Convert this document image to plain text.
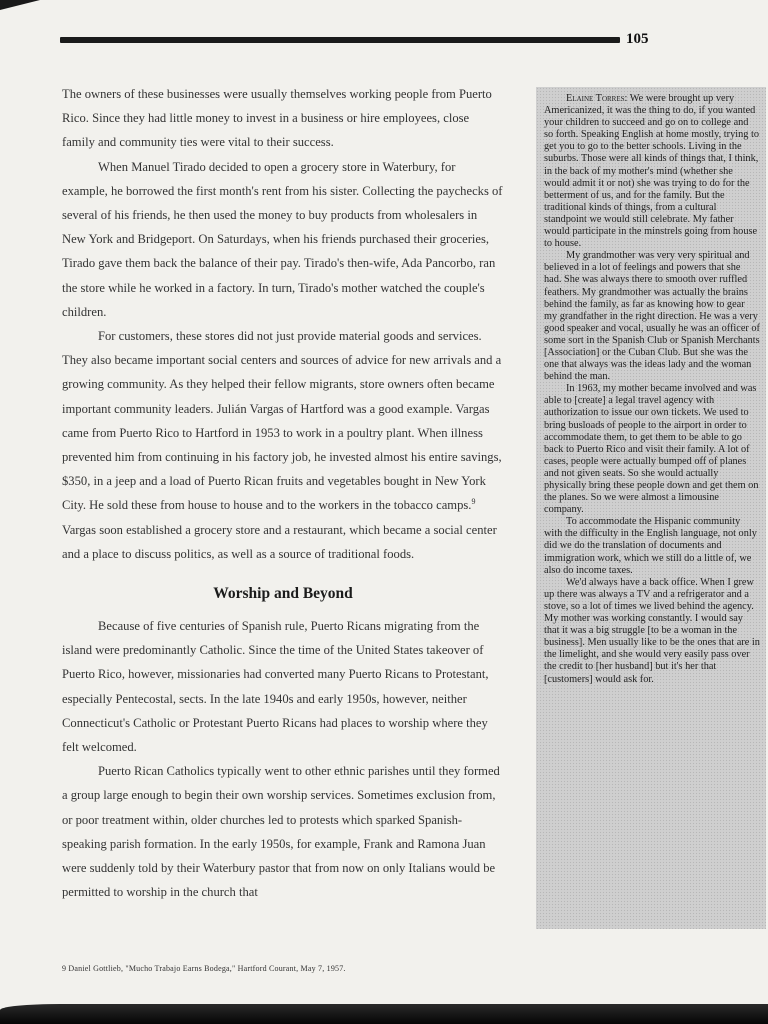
105

The owners of these businesses were usually themselves working people from Puerto Rico. Since they had little money to invest in a business or hire employees, close family and community ties were vital to their success.

When Manuel Tirado decided to open a grocery store in Waterbury, for example, he borrowed the first month's rent from his sister. Collecting the paychecks of several of his friends, he then used the money to buy products from wholesalers in New York and Bridgeport. On Saturdays, when his friends purchased their groceries, Tirado gave them back the balance of their pay. Tirado's then-wife, Ada Pancorbo, ran the store while he worked in a factory. In turn, Tirado's mother watched the couple's children.

For customers, these stores did not just provide material goods and services. They also became important social centers and sources of advice for new arrivals and a growing community. As they helped their fellow migrants, store owners often became important community leaders. Julián Vargas of Hartford was a good example. Vargas came from Puerto Rico to Hartford in 1953 to work in a poultry plant. When illness prevented him from continuing in his factory job, he invested almost his entire savings, $350, in a jeep and a load of Puerto Rican fruits and vegetables bought in New York City. He sold these from house to house and to the workers in the tobacco camps.$^9$ Vargas soon established a grocery store and a restaurant, which became a social center and a place to discuss politics, as well as a source of traditional foods.

Worship and Beyond

Because of five centuries of Spanish rule, Puerto Ricans migrating from the island were predominantly Catholic. Since the time of the United States takeover of Puerto Rico, however, missionaries had converted many Puerto Ricans to Protestant, especially Pentecostal, sects. In the late 1940s and early 1950s, however, neither Connecticut's Catholic or Protestant Puerto Ricans had places to worship where they felt welcomed.

Puerto Rican Catholics typically went to other ethnic parishes until they formed a group large enough to begin their own worship services. Sometimes exclusion from, or poor treatment within, older churches led to protests which sparked Spanish-speaking parish formation. In the early 1950s, for example, Frank and Ramona Juan were suddenly told by their Waterbury pastor that from now on only Italians would be permitted to worship in the church that

Elaine Torres: We were brought up very Americanized, it was the thing to do, if you wanted your children to succeed and go on to college and so forth. Speaking English at home mostly, trying to get you to go to the better schools. Living in the suburbs. Those were all kinds of things that, I think, in the back of my mother's mind (whether she would admit it or not) she was trying to do for the betterment of us, and for the family. But the traditional kinds of things, from a cultural standpoint we would still celebrate. My father would participate in the minstrels going from house to house.

My grandmother was very very spiritual and believed in a lot of feelings and powers that she had. She was always there to smooth over ruffled feathers. My grandmother was actually the brains behind the family, as far as knowing how to gear my grandfather in the right direction. He was a very good speaker and vocal, usually he was an officer of some sort in the Spanish Club or Spanish Merchants [Association] or the Cuban Club. But she was the one that always was the ideas lady and the woman behind the man.

In 1963, my mother became involved and was able to [create] a legal travel agency with authorization to issue our own tickets. We used to bring busloads of people to the airport in order to accommodate them, to get them to be able to go back to Puerto Rico and visit their family. A lot of cases, people were actually bumped off of planes and not given seats. So she would actually physically bring these people down and get them on the planes. So we were almost a limousine company.

To accommodate the Hispanic community with the difficulty in the English language, not only did we do the translation of documents and immigration work, which we still do a little of, we also do income taxes.

We'd always have a back office. When I grew up there was always a TV and a refrigerator and a stove, so a lot of times we lived behind the agency. My mother was working constantly. I would say that it was a big struggle [to be a woman in the business]. Men usually like to be the ones that are in the limelight, and she would very easily pass over the credit to [her husband] but it's her that [customers] would ask for.

9 Daniel Gottlieb, "Mucho Trabajo Earns Bodega," Hartford Courant, May 7, 1957.
